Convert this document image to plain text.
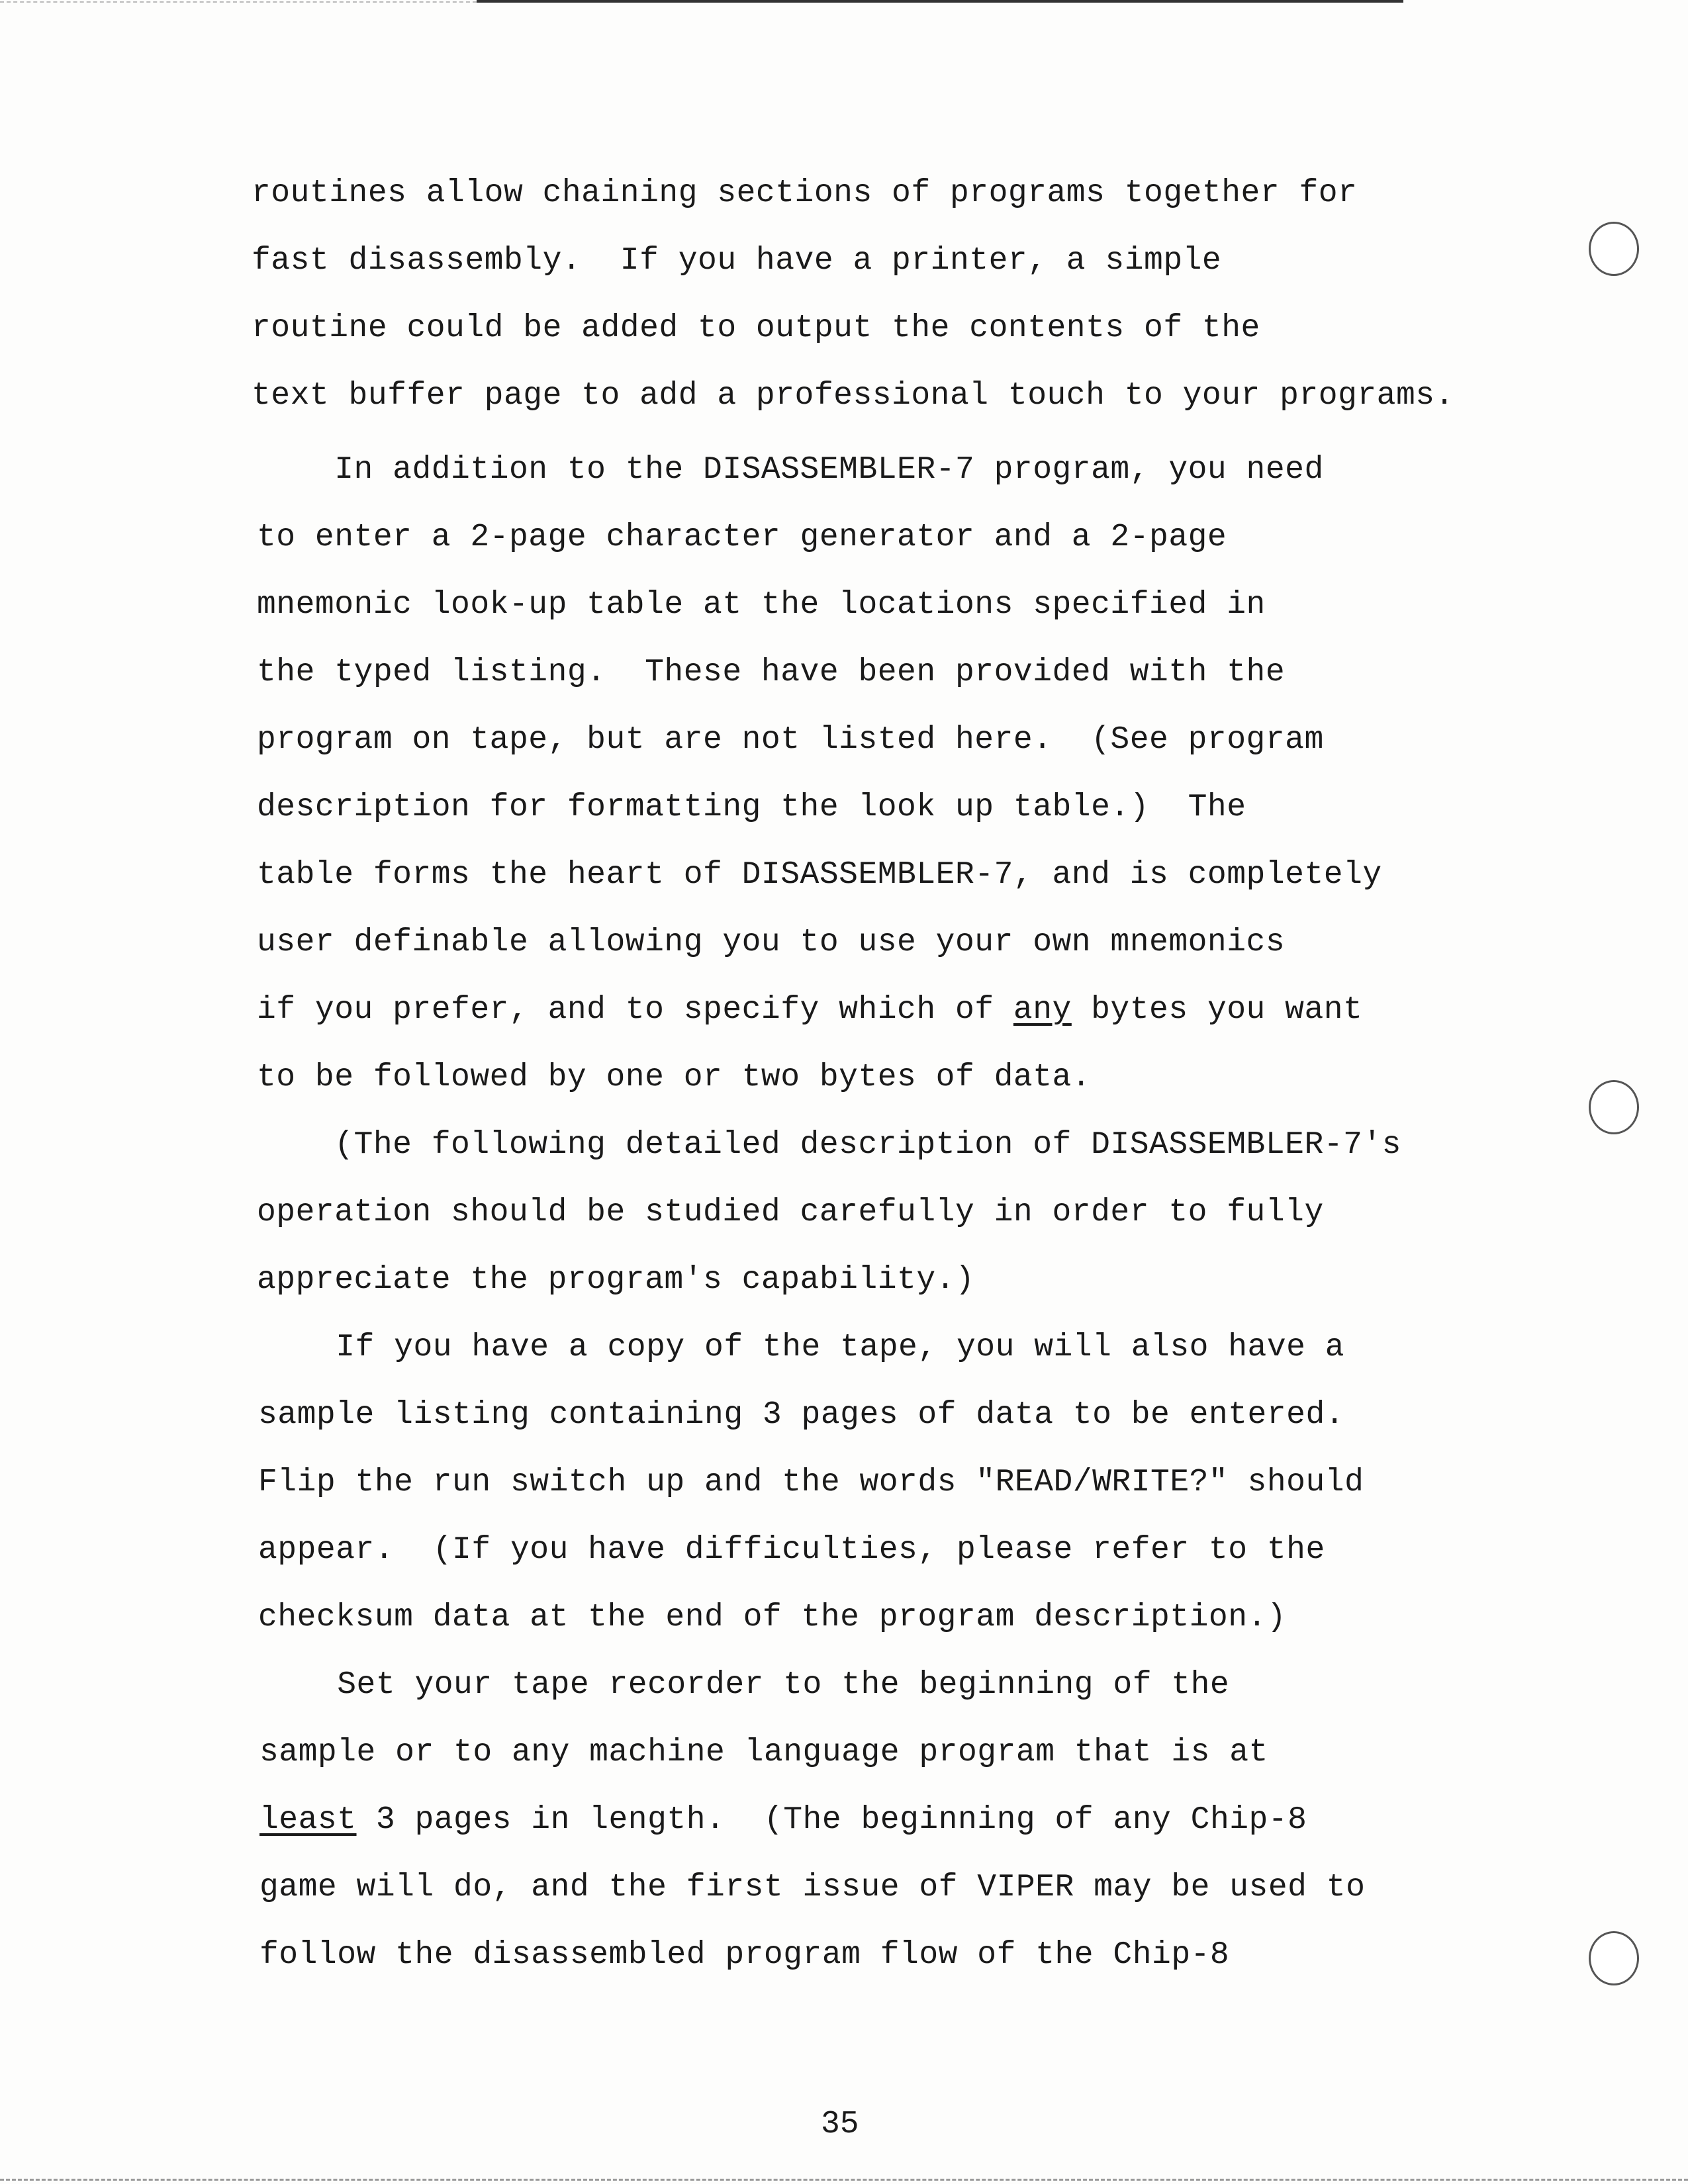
routines allow chaining sections of programs together for
fast disassembly.  If you have a printer, a simple
routine could be added to output the contents of the
text buffer page to add a professional touch to your programs.
In addition to the DISASSEMBLER-7 program, you need
to enter a 2-page character generator and a 2-page
mnemonic look-up table at the locations specified in
the typed listing.  These have been provided with the
program on tape, but are not listed here.  (See program
description for formatting the look up table.)  The
table forms the heart of DISASSEMBLER-7, and is completely
user definable allowing you to use your own mnemonics
if you prefer, and to specify which of any bytes you want
to be followed by one or two bytes of data.
(The following detailed description of DISASSEMBLER-7's
operation should be studied carefully in order to fully
appreciate the program's capability.)
If you have a copy of the tape, you will also have a
sample listing containing 3 pages of data to be entered.
Flip the run switch up and the words "READ/WRITE?" should
appear.  (If you have difficulties, please refer to the
checksum data at the end of the program description.)
Set your tape recorder to the beginning of the
sample or to any machine language program that is at
least 3 pages in length.  (The beginning of any Chip-8
game will do, and the first issue of VIPER may be used to
follow the disassembled program flow of the Chip-8
35
